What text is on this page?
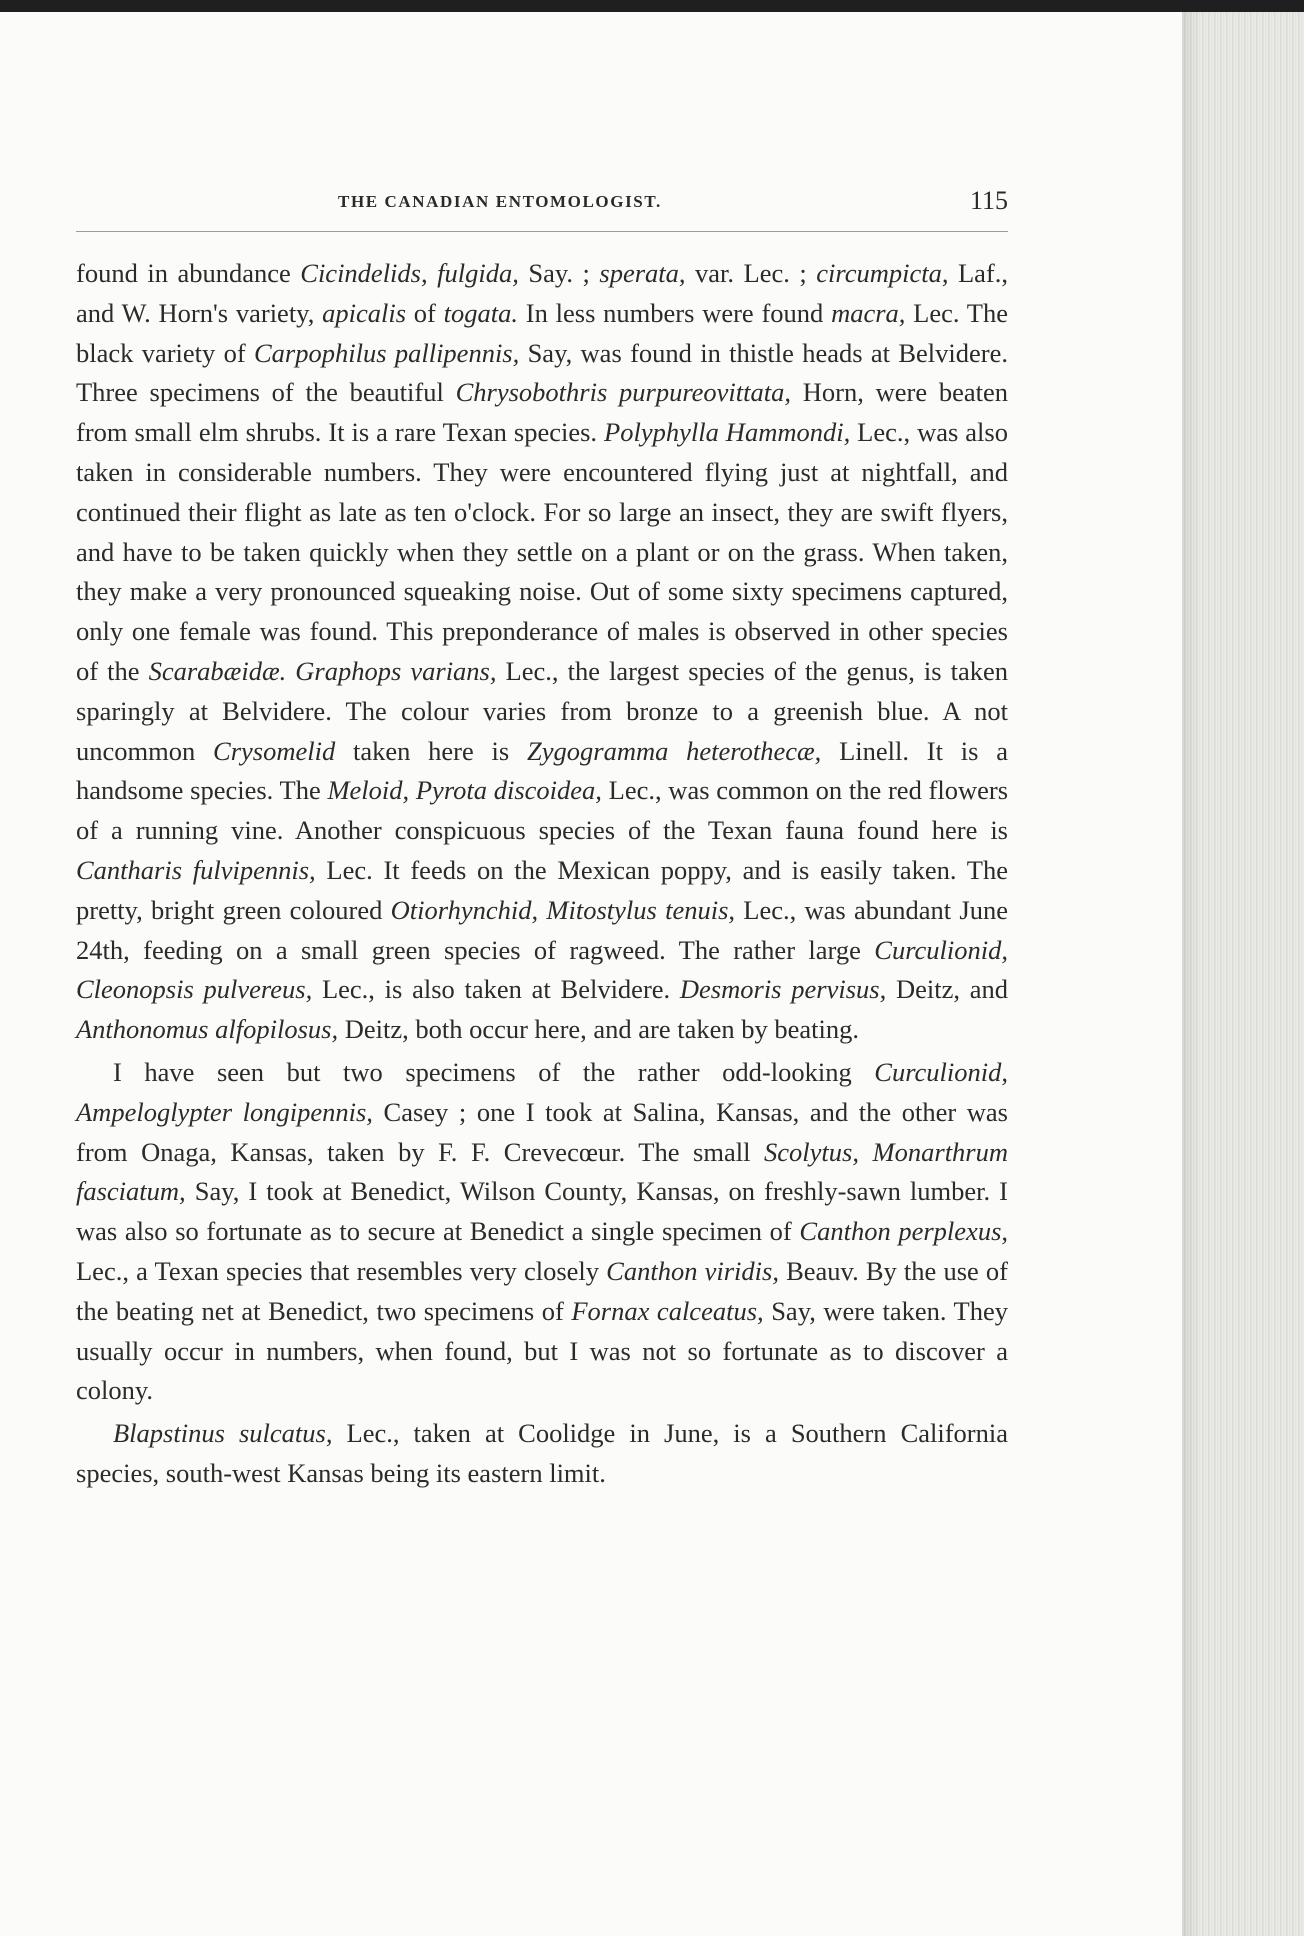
THE CANADIAN ENTOMOLOGIST.	115

found in abundance Cicindelids, fulgida, Say. ; sperata, var. Lec. ; circumpicta, Laf., and W. Horn's variety, apicalis of togata. In less numbers were found macra, Lec. The black variety of Carpophilus pallipennis, Say, was found in thistle heads at Belvidere. Three specimens of the beautiful Chrysobothris purpureovittata, Horn, were beaten from small elm shrubs. It is a rare Texan species. Polyphylla Hammondi, Lec., was also taken in considerable numbers. They were encountered flying just at nightfall, and continued their flight as late as ten o'clock. For so large an insect, they are swift flyers, and have to be taken quickly when they settle on a plant or on the grass. When taken, they make a very pronounced squeaking noise. Out of some sixty specimens captured, only one female was found. This preponderance of males is observed in other species of the Scarabæidæ. Graphops varians, Lec., the largest species of the genus, is taken sparingly at Belvidere. The colour varies from bronze to a greenish blue. A not uncommon Crysomelid taken here is Zygogramma heterothecæ, Linell. It is a handsome species. The Meloid, Pyrota discoidea, Lec., was common on the red flowers of a running vine. Another conspicuous species of the Texan fauna found here is Cantharis fulvipennis, Lec. It feeds on the Mexican poppy, and is easily taken. The pretty, bright green coloured Otiorhynchid, Mitostylus tenuis, Lec., was abundant June 24th, feeding on a small green species of ragweed. The rather large Curculionid, Cleonopsis pulvereus, Lec., is also taken at Belvidere. Desmoris pervisus, Deitz, and Anthonomus alfopilosus, Deitz, both occur here, and are taken by beating.

I have seen but two specimens of the rather odd-looking Curculionid, Ampeloglypter longipennis, Casey ; one I took at Salina, Kansas, and the other was from Onaga, Kansas, taken by F. F. Crevecœur. The small Scolytus, Monarthrum fasciatum, Say, I took at Benedict, Wilson County, Kansas, on freshly-sawn lumber. I was also so fortunate as to secure at Benedict a single specimen of Canthon perplexus, Lec., a Texan species that resembles very closely Canthon viridis, Beauv. By the use of the beating net at Benedict, two specimens of Fornax calceatus, Say, were taken. They usually occur in numbers, when found, but I was not so fortunate as to discover a colony.

Blapstinus sulcatus, Lec., taken at Coolidge in June, is a Southern California species, south-west Kansas being its eastern limit.
